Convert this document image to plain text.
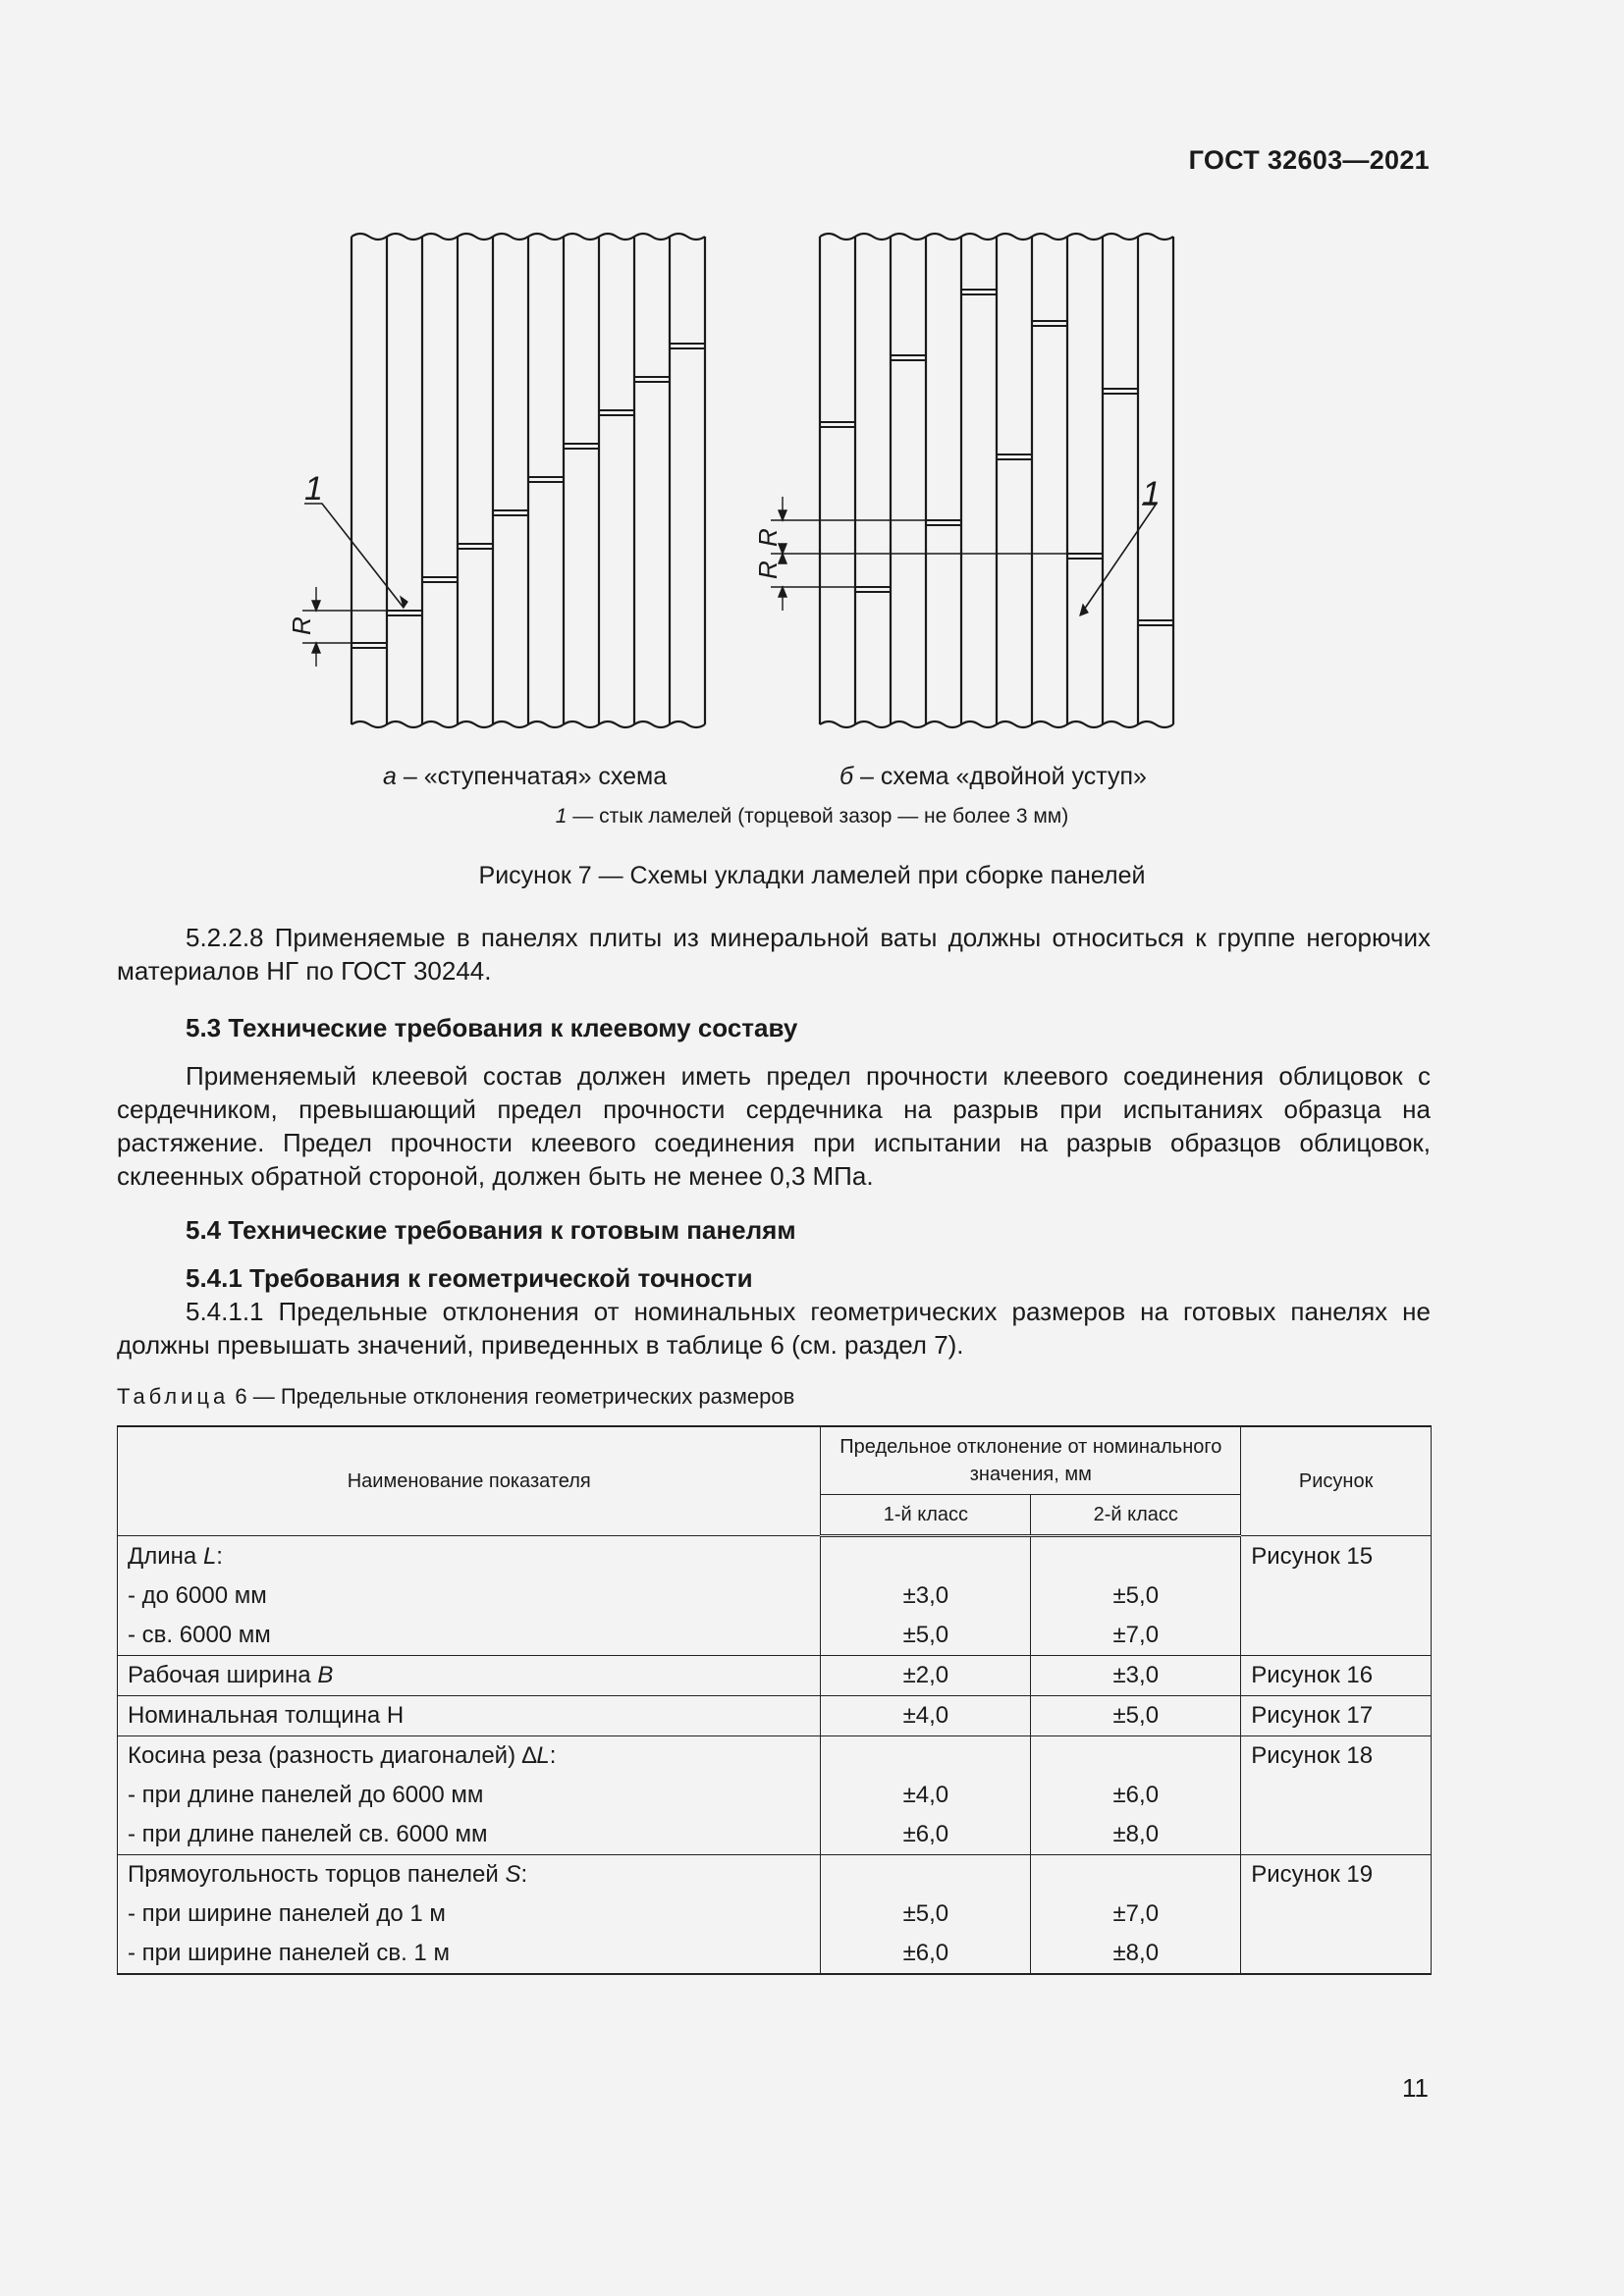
ГОСТ 32603—2021
1
R
1
R
R
а – «ступенчатая» схема	б – схема «двойной уступ»
1 — стык ламелей (торцевой зазор — не более 3 мм)
Рисунок 7 — Схемы укладки ламелей при сборке панелей
5.2.2.8 Применяемые в панелях плиты из минеральной ваты должны относиться к группе негорючих материалов НГ по ГОСТ 30244.
5.3 Технические требования к клеевому составу
Применяемый клеевой состав должен иметь предел прочности клеевого соединения облицовок с сердечником, превышающий предел прочности сердечника на разрыв при испытаниях образца на растяжение. Предел прочности клеевого соединения при испытании на разрыв образцов облицовок, склеенных обратной стороной, должен быть не менее 0,3 МПа.
5.4 Технические требования к готовым панелям
5.4.1 Требования к геометрической точности
5.4.1.1 Предельные отклонения от номинальных геометрических размеров на готовых панелях не должны превышать значений, приведенных в таблице 6 (см. раздел 7).
Таблица 6 — Предельные отклонения геометрических размеров
Наименование показателя	Предельное отклонение от номинального значения, мм		Рисунок
	1-й класс	2-й класс	
Длина L:			Рисунок 15
- до 6000 мм	±3,0	±5,0	
- св. 6000 мм	±5,0	±7,0	
Рабочая ширина B	±2,0	±3,0	Рисунок 16
Номинальная толщина H	±4,0	±5,0	Рисунок 17
Косина реза (разность диагоналей) ∆L:			Рисунок 18
- при длине панелей до 6000 мм	±4,0	±6,0	
- при длине панелей св. 6000 мм	±6,0	±8,0	
Прямоугольность торцов панелей S:			Рисунок 19
- при ширине панелей до 1 м	±5,0	±7,0	
- при ширине панелей св. 1 м	±6,0	±8,0	
11
